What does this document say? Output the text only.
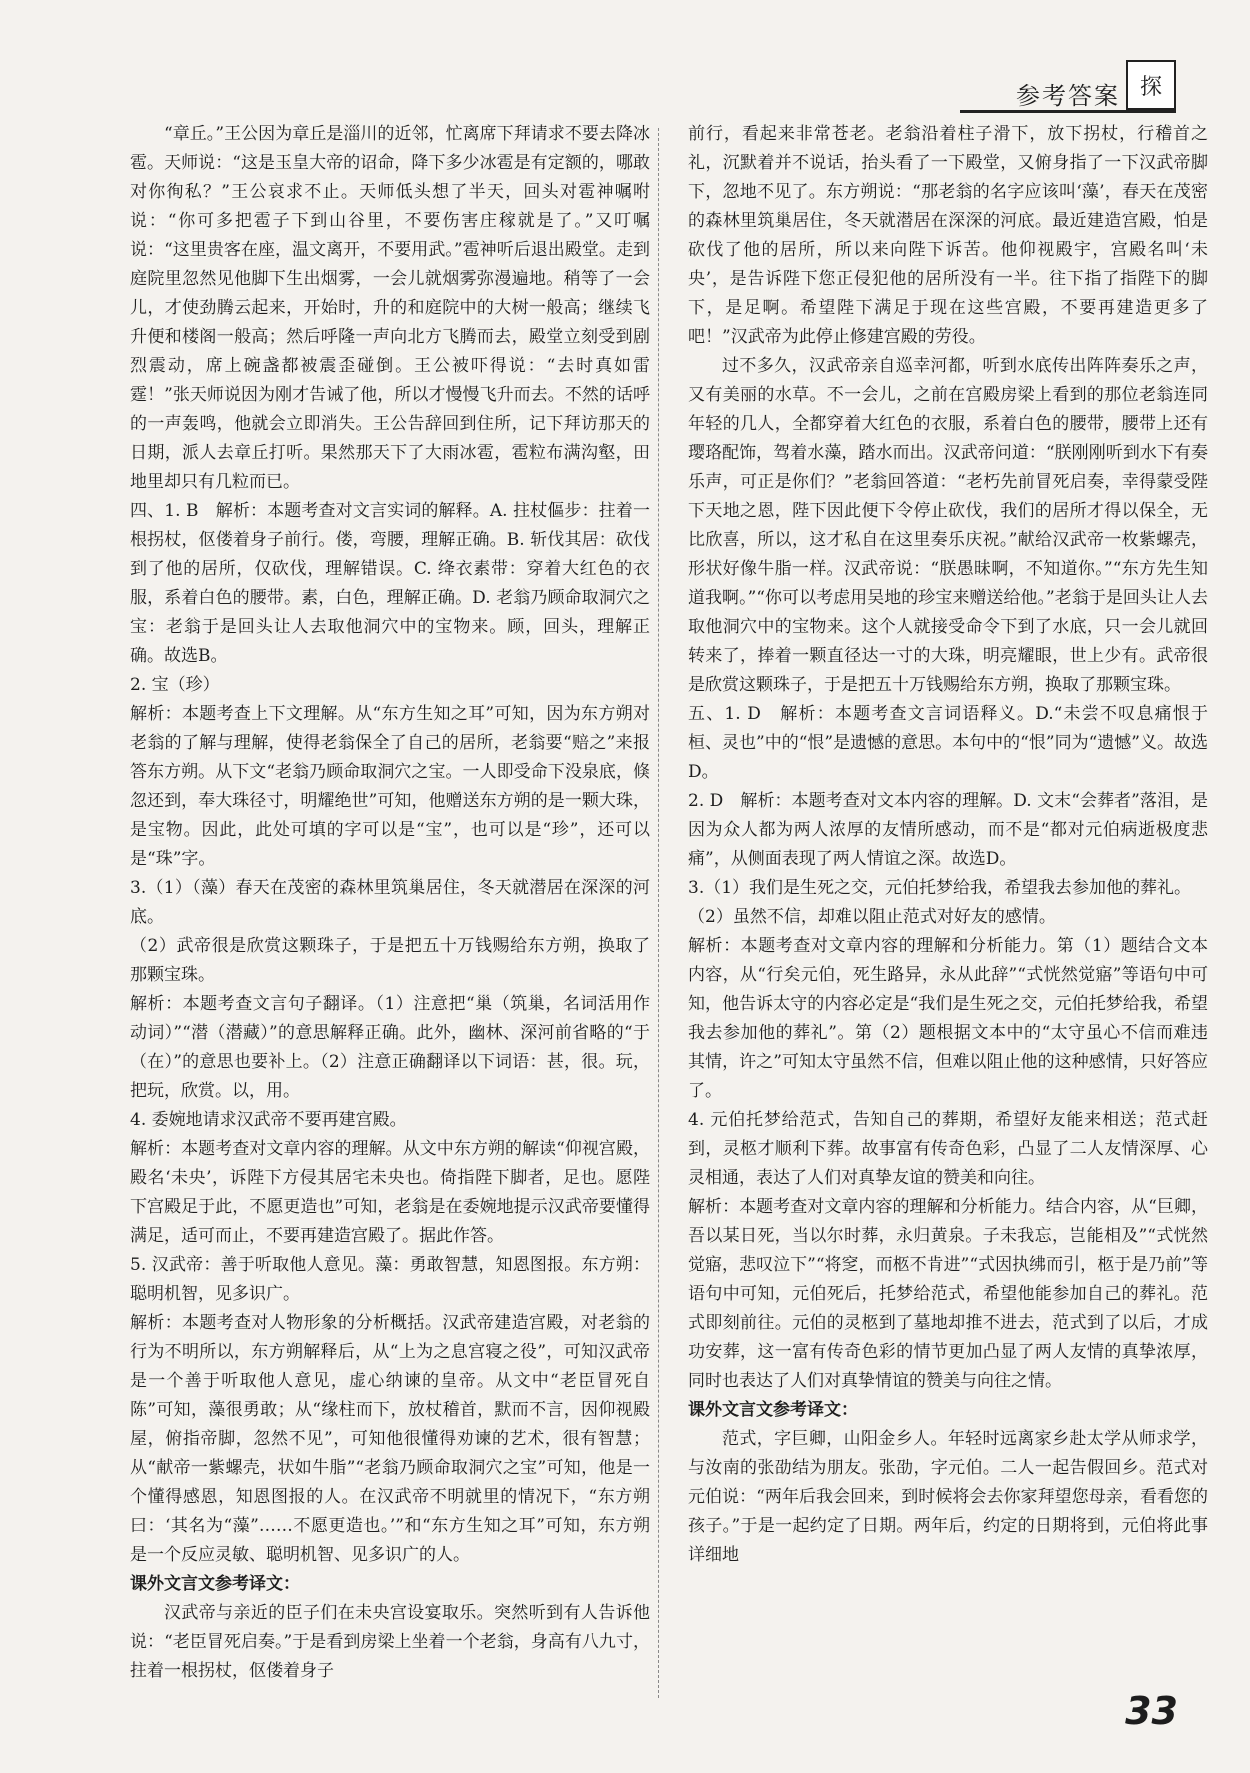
参考答案 探

“章丘。”王公因为章丘是淄川的近邻，忙离席下拜请求不要去降冰雹。天师说：“这是玉皇大帝的诏命，降下多少冰雹是有定额的，哪敢对你徇私？”王公哀求不止。天师低头想了半天，回头对雹神嘱咐说：“你可多把雹子下到山谷里，不要伤害庄稼就是了。”又叮嘱说：“这里贵客在座，温文离开，不要用武。”雹神听后退出殿堂。走到庭院里忽然见他脚下生出烟雾，一会儿就烟雾弥漫遍地。稍等了一会儿，才使劲腾云起来，开始时，升的和庭院中的大树一般高；继续飞升便和楼阁一般高；然后呼隆一声向北方飞腾而去，殿堂立刻受到剧烈震动，席上碗盏都被震歪碰倒。王公被吓得说：“去时真如雷霆！”张天师说因为刚才告诫了他，所以才慢慢飞升而去。不然的话呼的一声轰鸣，他就会立即消失。王公告辞回到住所，记下拜访那天的日期，派人去章丘打听。果然那天下了大雨冰雹，雹粒布满沟壑，田地里却只有几粒而已。

四、1. B　解析：本题考查对文言实词的解释。A. 拄杖傴步：拄着一根拐杖，伛偻着身子前行。偻，弯腰，理解正确。B. 斩伐其居：砍伐到了他的居所，仅砍伐，理解错误。C. 绛衣素带：穿着大红色的衣服，系着白色的腰带。素，白色，理解正确。D. 老翁乃顾命取洞穴之宝：老翁于是回头让人去取他洞穴中的宝物来。顾，回头，理解正确。故选B。

2. 宝（珍）

解析：本题考查上下文理解。从“东方生知之耳”可知，因为东方朔对老翁的了解与理解，使得老翁保全了自己的居所，老翁要“赔之”来报答东方朔。从下文“老翁乃顾命取洞穴之宝。一人即受命下没泉底，倏忽还到，奉大珠径寸，明耀绝世”可知，他赠送东方朔的是一颗大珠，是宝物。因此，此处可填的字可以是“宝”，也可以是“珍”，还可以是“珠”字。

3.（1）（藻）春天在茂密的森林里筑巢居住，冬天就潜居在深深的河底。

（2）武帝很是欣赏这颗珠子，于是把五十万钱赐给东方朔，换取了那颗宝珠。

解析：本题考查文言句子翻译。（1）注意把“巢（筑巢，名词活用作动词）”“潜（潜藏）”的意思解释正确。此外，幽林、深河前省略的“于（在）”的意思也要补上。（2）注意正确翻译以下词语：甚，很。玩，把玩，欣赏。以，用。

4. 委婉地请求汉武帝不要再建宫殿。

解析：本题考查对文章内容的理解。从文中东方朔的解读“仰视宫殿，殿名‘未央’，诉陛下方侵其居宅未央也。倚指陛下脚者，足也。愿陛下宫殿足于此，不愿更造也”可知，老翁是在委婉地提示汉武帝要懂得满足，适可而止，不要再建造宫殿了。据此作答。

5. 汉武帝：善于听取他人意见。藻：勇敢智慧，知恩图报。东方朔：聪明机智，见多识广。

解析：本题考查对人物形象的分析概括。汉武帝建造宫殿，对老翁的行为不明所以，东方朔解释后，从“上为之息宫寝之役”，可知汉武帝是一个善于听取他人意见，虚心纳谏的皇帝。从文中“老臣冒死自陈”可知，藻很勇敢；从“缘柱而下，放杖稽首，默而不言，因仰视殿屋，俯指帝脚，忽然不见”，可知他很懂得劝谏的艺术，很有智慧；从“献帝一紫螺壳，状如牛脂”“老翁乃顾命取洞穴之宝”可知，他是一个懂得感恩，知恩图报的人。在汉武帝不明就里的情况下，“东方朔曰：‘其名为“藻”……不愿更造也。’”和“东方生知之耳”可知，东方朔是一个反应灵敏、聪明机智、见多识广的人。

课外文言文参考译文：

汉武帝与亲近的臣子们在未央宫设宴取乐。突然听到有人告诉他说：“老臣冒死启奏。”于是看到房梁上坐着一个老翁，身高有八九寸，拄着一根拐杖，伛偻着身子

前行，看起来非常苍老。老翁沿着柱子滑下，放下拐杖，行稽首之礼，沉默着并不说话，抬头看了一下殿堂，又俯身指了一下汉武帝脚下，忽地不见了。东方朔说：“那老翁的名字应该叫‘藻’，春天在茂密的森林里筑巢居住，冬天就潜居在深深的河底。最近建造宫殿，怕是砍伐了他的居所，所以来向陛下诉苦。他仰视殿宇，宫殿名叫‘未央’，是告诉陛下您正侵犯他的居所没有一半。往下指了指陛下的脚下，是足啊。希望陛下满足于现在这些宫殿，不要再建造更多了吧！”汉武帝为此停止修建宫殿的劳役。

过不多久，汉武帝亲自巡幸河都，听到水底传出阵阵奏乐之声，又有美丽的水草。不一会儿，之前在宫殿房梁上看到的那位老翁连同年轻的几人，全都穿着大红色的衣服，系着白色的腰带，腰带上还有璎珞配饰，驾着水藻，踏水而出。汉武帝问道：“朕刚刚听到水下有奏乐声，可正是你们？”老翁回答道：“老朽先前冒死启奏，幸得蒙受陛下天地之恩，陛下因此便下令停止砍伐，我们的居所才得以保全，无比欣喜，所以，这才私自在这里奏乐庆祝。”献给汉武帝一枚紫螺壳，形状好像牛脂一样。汉武帝说：“朕愚昧啊，不知道你。”“东方先生知道我啊。”“你可以考虑用吴地的珍宝来赠送给他。”老翁于是回头让人去取他洞穴中的宝物来。这个人就接受命令下到了水底，只一会儿就回转来了，捧着一颗直径达一寸的大珠，明亮耀眼，世上少有。武帝很是欣赏这颗珠子，于是把五十万钱赐给东方朔，换取了那颗宝珠。

五、1. D　解析：本题考查文言词语释义。D.“未尝不叹息痛恨于桓、灵也”中的“恨”是遗憾的意思。本句中的“恨”同为“遗憾”义。故选D。

2. D　解析：本题考查对文本内容的理解。D. 文末“会葬者”落泪，是因为众人都为两人浓厚的友情所感动，而不是“都对元伯病逝极度悲痛”，从侧面表现了两人情谊之深。故选D。

3.（1）我们是生死之交，元伯托梦给我，希望我去参加他的葬礼。

（2）虽然不信，却难以阻止范式对好友的感情。

解析：本题考查对文章内容的理解和分析能力。第（1）题结合文本内容，从“行矣元伯，死生路异，永从此辞”“式恍然觉寤”等语句中可知，他告诉太守的内容必定是“我们是生死之交，元伯托梦给我，希望我去参加他的葬礼”。第（2）题根据文本中的“太守虽心不信而难违其情，许之”可知太守虽然不信，但难以阻止他的这种感情，只好答应了。

4. 元伯托梦给范式，告知自己的葬期，希望好友能来相送；范式赶到，灵柩才顺利下葬。故事富有传奇色彩，凸显了二人友情深厚、心灵相通，表达了人们对真挚友谊的赞美和向往。

解析：本题考查对文章内容的理解和分析能力。结合内容，从“巨卿，吾以某日死，当以尔时葬，永归黄泉。子未我忘，岂能相及”“式恍然觉寤，悲叹泣下”“将窆，而柩不肯进”“式因执绋而引，柩于是乃前”等语句中可知，元伯死后，托梦给范式，希望他能参加自己的葬礼。范式即刻前往。元伯的灵柩到了墓地却推不进去，范式到了以后，才成功安葬，这一富有传奇色彩的情节更加凸显了两人友情的真挚浓厚，同时也表达了人们对真挚情谊的赞美与向往之情。

课外文言文参考译文：

范式，字巨卿，山阳金乡人。年轻时远离家乡赴太学从师求学，与汝南的张劭结为朋友。张劭，字元伯。二人一起告假回乡。范式对元伯说：“两年后我会回来，到时候将会去你家拜望您母亲，看看您的孩子。”于是一起约定了日期。两年后，约定的日期将到，元伯将此事详细地

33
